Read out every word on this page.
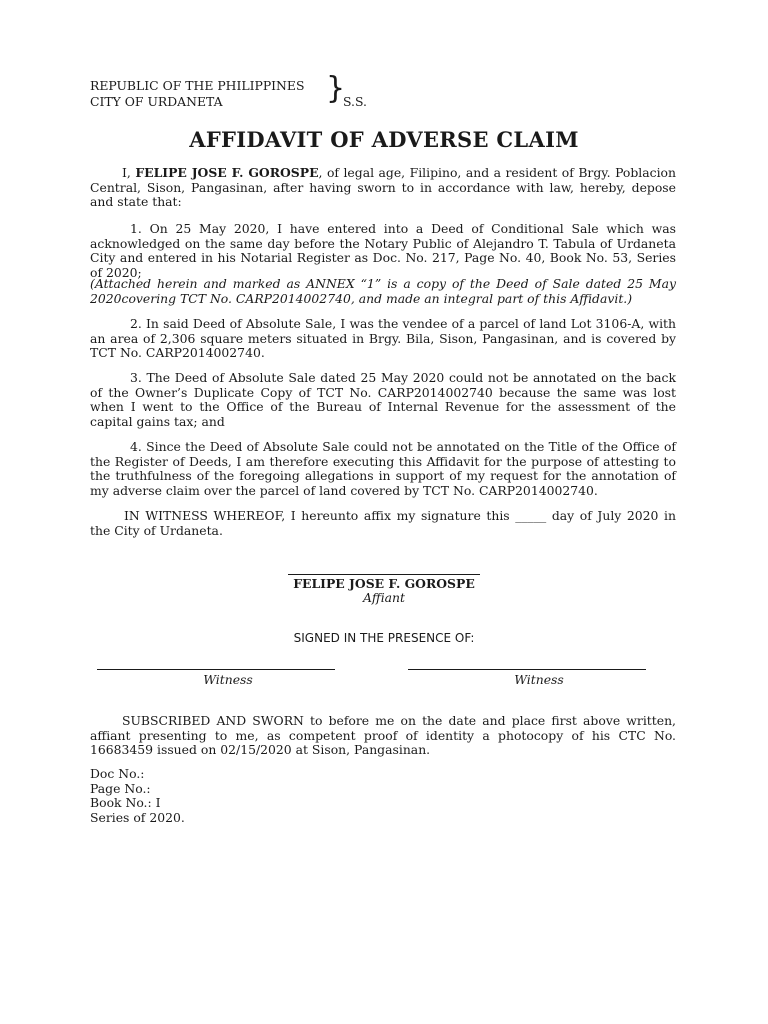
REPUBLIC OF THE PHILIPPINES
CITY OF URDANETA	}
S.S.
AFFIDAVIT OF ADVERSE CLAIM
I, FELIPE JOSE F. GOROSPE, of legal age, Filipino, and a resident of Brgy. Poblacion Central, Sison, Pangasinan, after having sworn to in accordance with law, hereby, depose and state that:
1. On 25 May 2020, I have entered into a Deed of Conditional Sale which was acknowledged on the same day before the Notary Public of Alejandro T. Tabula of Urdaneta City and entered in his Notarial Register as Doc. No. 217, Page No. 40, Book No. 53, Series of 2020;
(Attached herein and marked as ANNEX “1” is a copy of the Deed of Sale dated 25 May 2020covering TCT No. CARP2014002740, and made an integral part of this Affidavit.)
2. In said Deed of Absolute Sale, I was the vendee of a parcel of land Lot 3106-A, with an area of 2,306 square meters situated in Brgy. Bila, Sison, Pangasinan, and is covered by TCT No. CARP2014002740.
3. The Deed of Absolute Sale dated 25 May 2020 could not be annotated on the back of the Owner’s Duplicate Copy of TCT No. CARP2014002740 because the same was lost when I went to the Office of the Bureau of Internal Revenue for the assessment of the capital gains tax; and
4. Since the Deed of Absolute Sale could not be annotated on the Title of the Office of the Register of Deeds, I am therefore executing this Affidavit for the purpose of attesting to the truthfulness of the foregoing allegations in support of my request for the annotation of my adverse claim over the parcel of land covered by TCT No. CARP2014002740.
IN WITNESS WHEREOF, I hereunto affix my signature this _____ day of July 2020 in the City of Urdaneta.
FELIPE JOSE F. GOROSPE
Affiant
SIGNED IN THE PRESENCE OF:
Witness	Witness
SUBSCRIBED AND SWORN to before me on the date and place first above written, affiant presenting to me, as competent proof of identity a photocopy of his CTC No. 16683459 issued on 02/15/2020 at Sison, Pangasinan.
Doc No.:
Page No.:
Book No.: I
Series of 2020.
